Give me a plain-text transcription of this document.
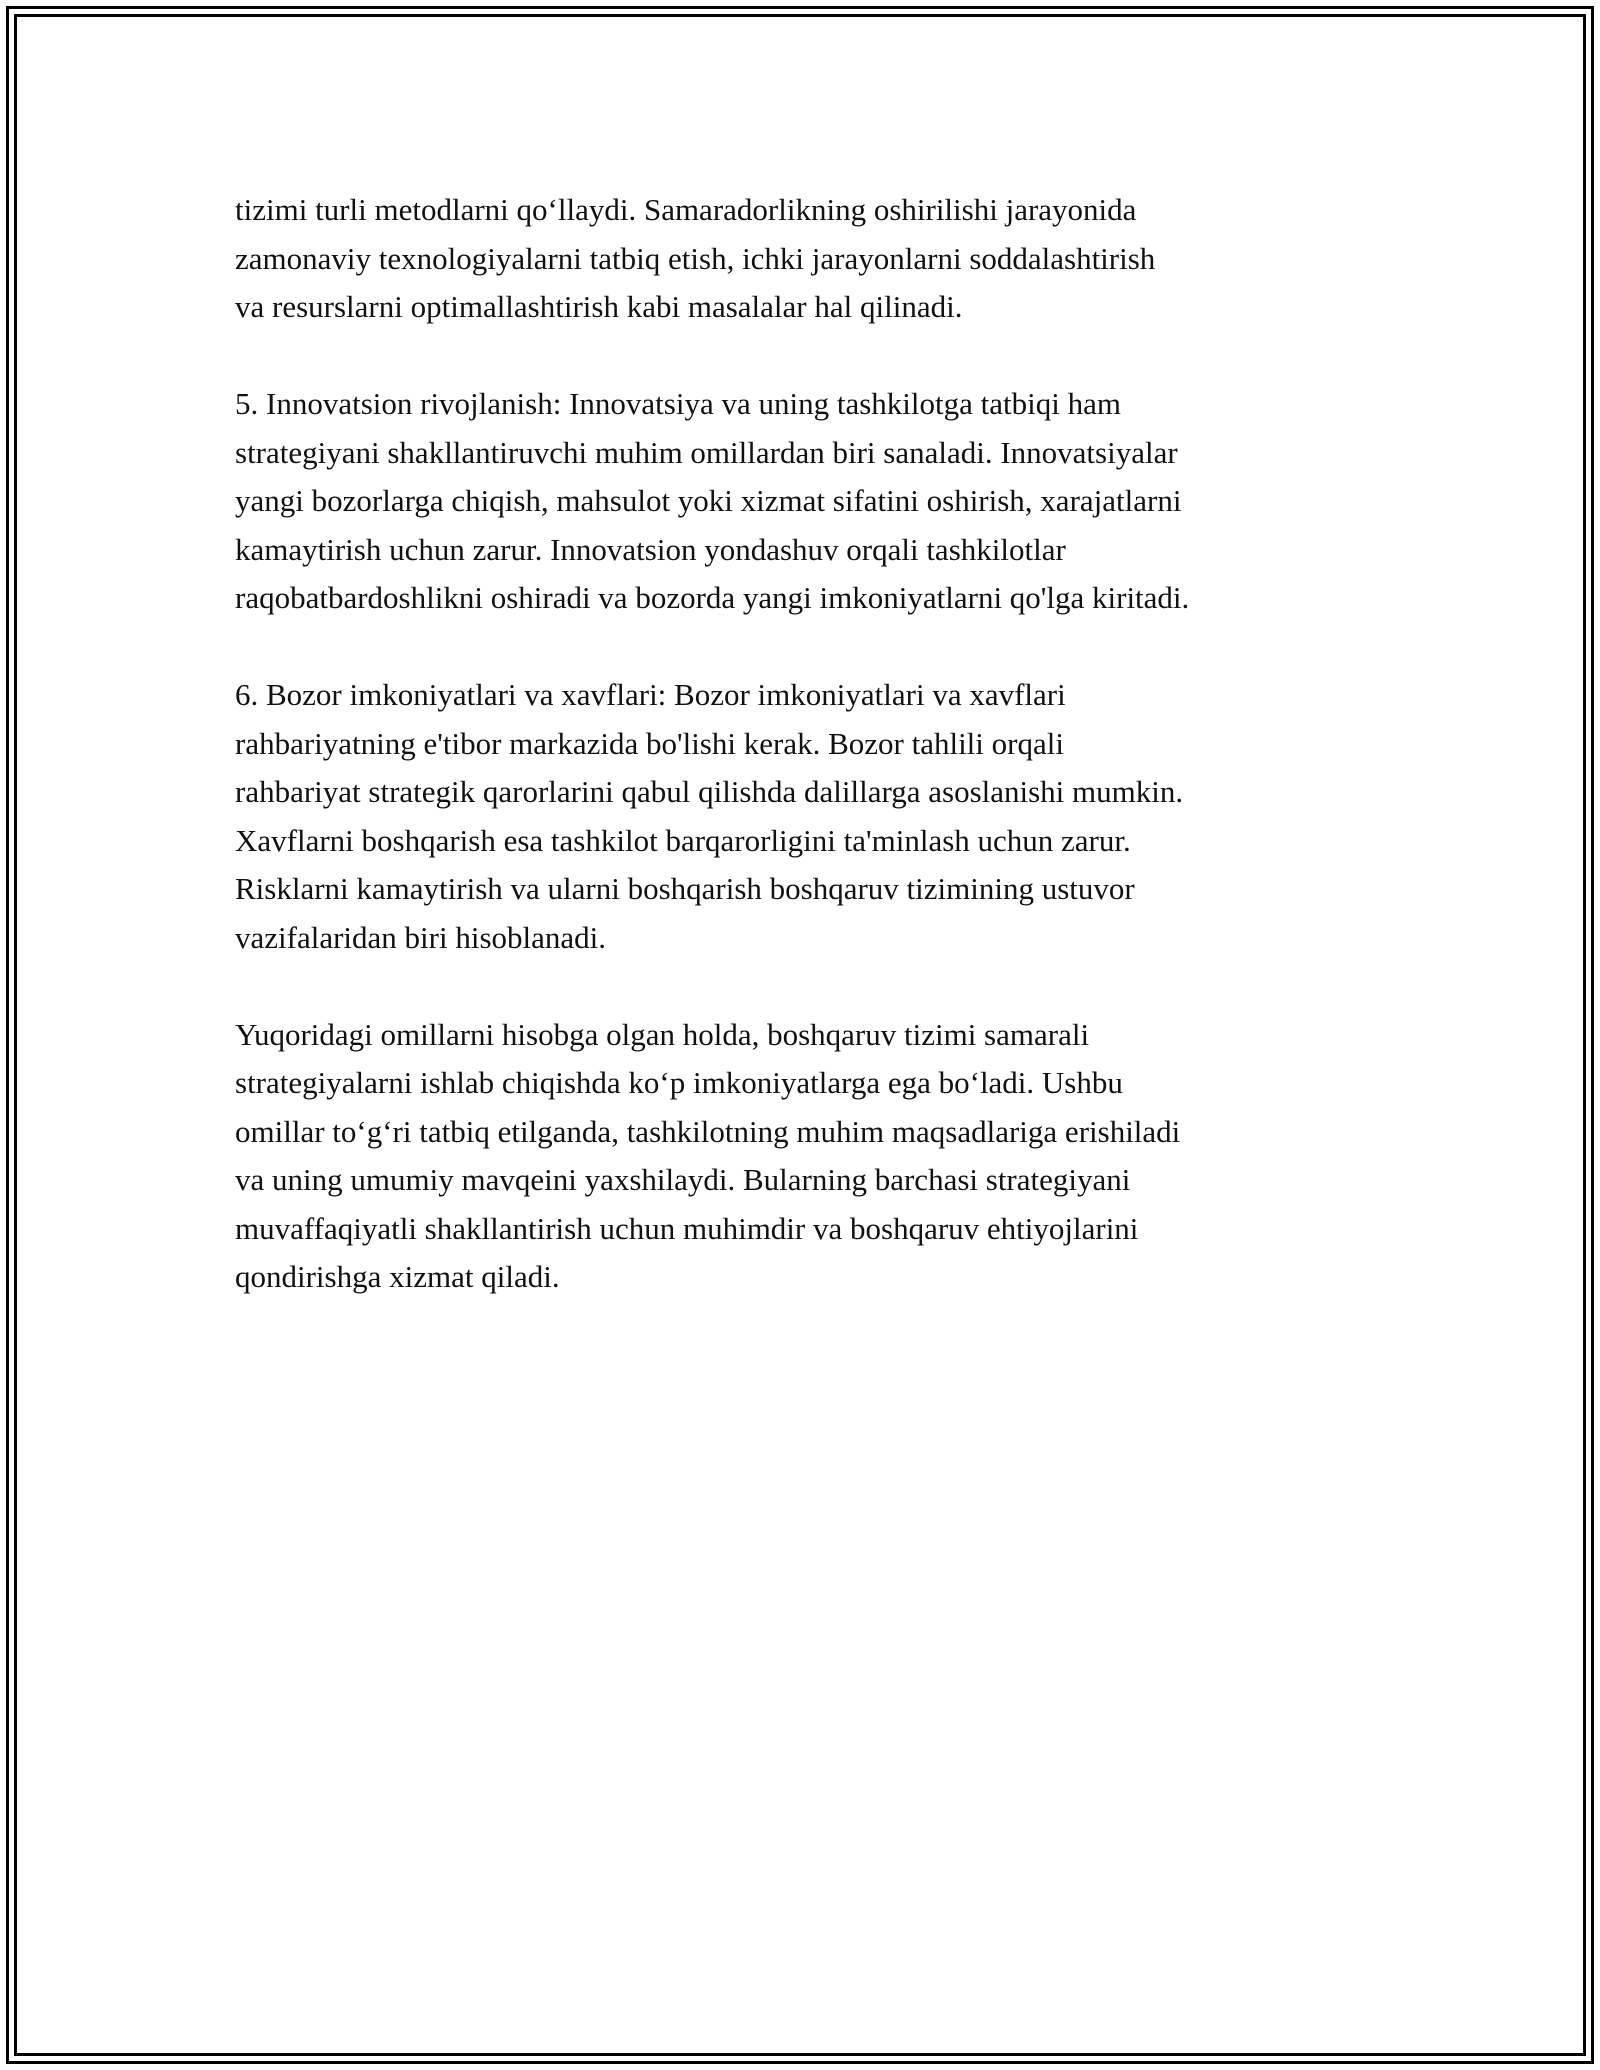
tizimi turli metodlarni qo‘llaydi. Samaradorlikning oshirilishi jarayonida
zamonaviy texnologiyalarni tatbiq etish, ichki jarayonlarni soddalashtirish
va resurslarni optimallashtirish kabi masalalar hal qilinadi.

5. Innovatsion rivojlanish: Innovatsiya va uning tashkilotga tatbiqi ham
strategiyani shakllantiruvchi muhim omillardan biri sanaladi. Innovatsiyalar
yangi bozorlarga chiqish, mahsulot yoki xizmat sifatini oshirish, xarajatlarni
kamaytirish uchun zarur. Innovatsion yondashuv orqali tashkilotlar
raqobatbardoshlikni oshiradi va bozorda yangi imkoniyatlarni qo'lga kiritadi.

6. Bozor imkoniyatlari va xavflari: Bozor imkoniyatlari va xavflari
rahbariyatning e'tibor markazida bo'lishi kerak. Bozor tahlili orqali
rahbariyat strategik qarorlarini qabul qilishda dalillarga asoslanishi mumkin.
Xavflarni boshqarish esa tashkilot barqarorligini ta'minlash uchun zarur.
Risklarni kamaytirish va ularni boshqarish boshqaruv tizimining ustuvor
vazifalaridan biri hisoblanadi.

Yuqoridagi omillarni hisobga olgan holda, boshqaruv tizimi samarali
strategiyalarni ishlab chiqishda ko‘p imkoniyatlarga ega bo‘ladi. Ushbu
omillar to‘g‘ri tatbiq etilganda, tashkilotning muhim maqsadlariga erishiladi
va uning umumiy mavqeini yaxshilaydi. Bularning barchasi strategiyani
muvaffaqiyatli shakllantirish uchun muhimdir va boshqaruv ehtiyojlarini
qondirishga xizmat qiladi.
